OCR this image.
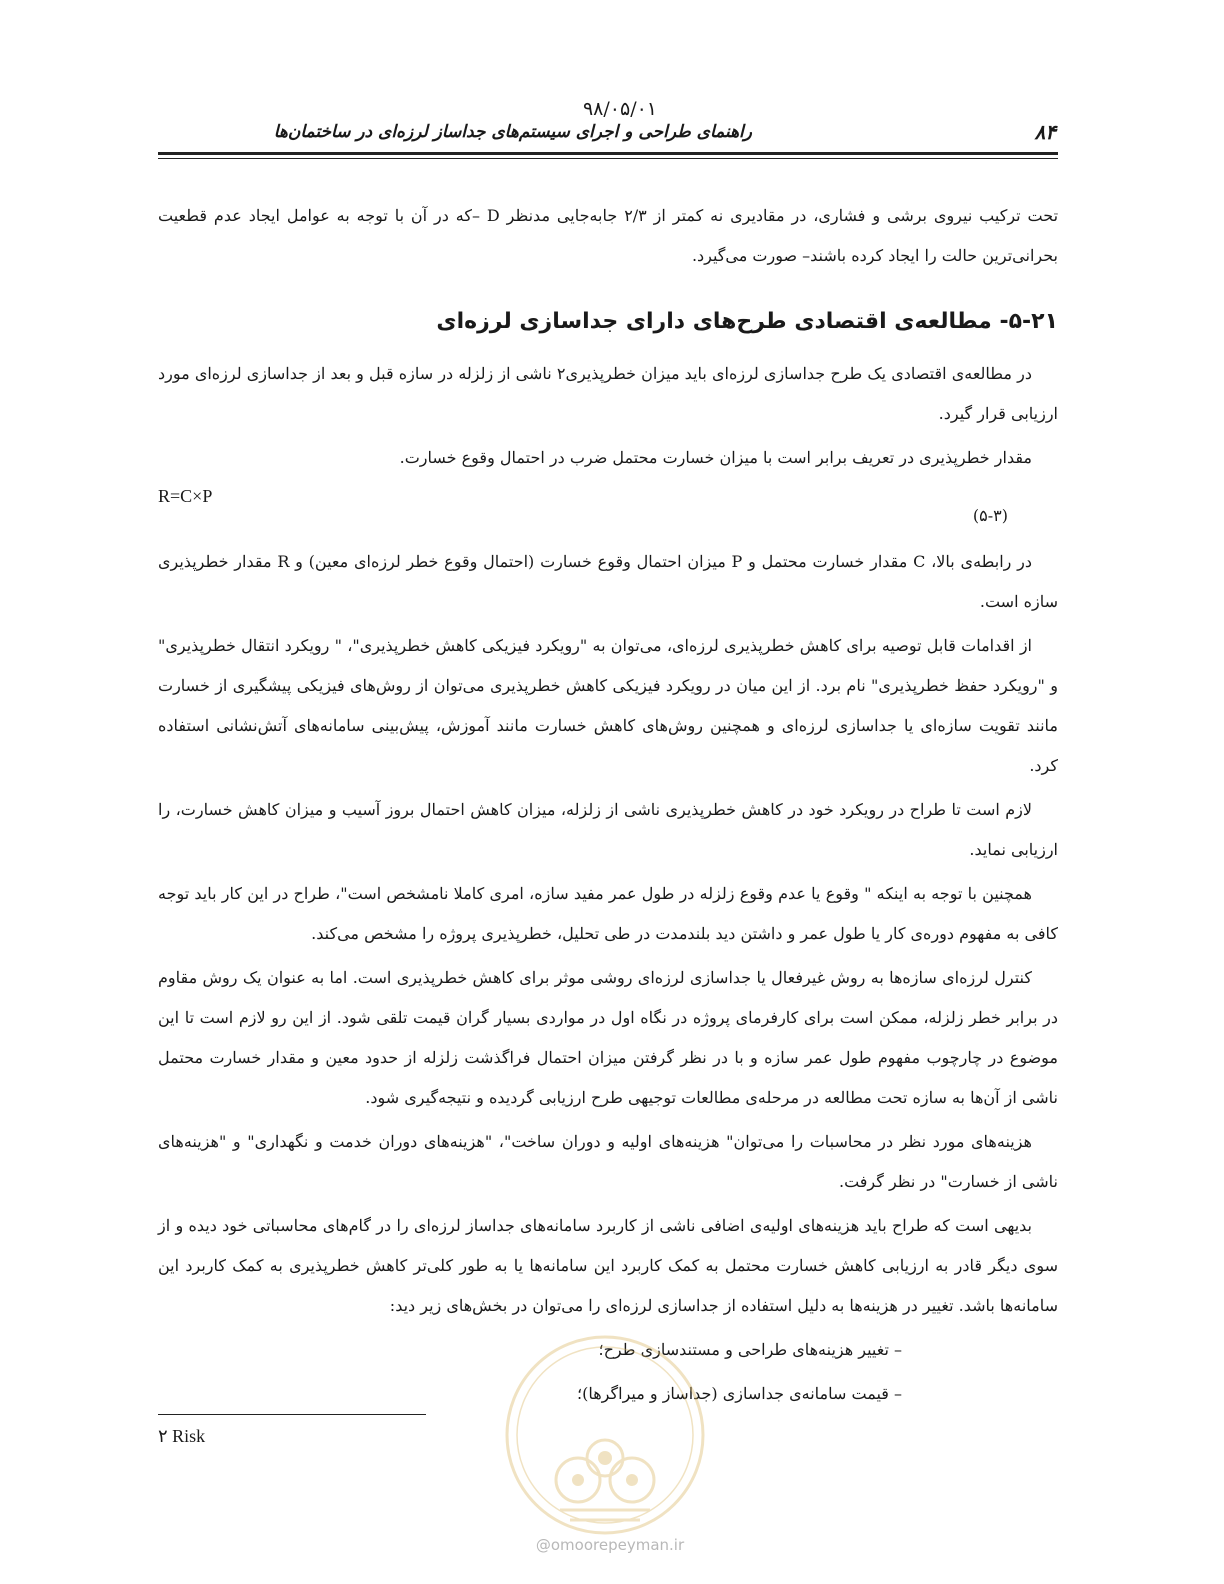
۹۸/۰۵/۰۱
راهنمای طراحی و اجرای سیستم‌های جداساز لرزه‌ای در ساختمان‌ها	۸۴

تحت ترکیب نیروی برشی و فشاری، در مقادیری نه کمتر از ۲/۳ جابه‌جایی مدنظر D –که در آن با توجه به عوامل ایجاد عدم قطعیت بحرانی‌ترین حالت را ایجاد کرده باشند– صورت می‌گیرد.

۵-۲۱- مطالعه‌ی اقتصادی طرح‌های دارای جداسازی لرزه‌ای

در مطالعه‌ی اقتصادی یک طرح جداسازی لرزه‌ای باید میزان خطرپذیری۲ ناشی از زلزله در سازه قبل و بعد از جداسازی لرزه‌ای مورد ارزیابی قرار گیرد.

مقدار خطرپذیری در تعریف برابر است با میزان خسارت محتمل ضرب در احتمال وقوع خسارت.

R=C×P
(۵-۳)

در رابطه‌ی بالا، C مقدار خسارت محتمل و P میزان احتمال وقوع خسارت (احتمال وقوع خطر لرزه‌ای معین) و R مقدار خطرپذیری سازه است.

از اقدامات قابل توصیه برای کاهش خطرپذیری لرزه‌ای، می‌توان به "رویکرد فیزیکی کاهش خطرپذیری"، " رویکرد انتقال خطرپذیری" و "رویکرد حفظ خطرپذیری" نام برد. از این میان در رویکرد فیزیکی کاهش خطرپذیری می‌توان از روش‌های فیزیکی پیشگیری از خسارت مانند تقویت سازه‌ای یا جداسازی لرزه‌ای و همچنین روش‌های کاهش خسارت مانند آموزش، پیش‌بینی سامانه‌های آتش‌نشانی استفاده کرد.

لازم است تا طراح در رویکرد خود در کاهش خطرپذیری ناشی از زلزله، میزان کاهش احتمال بروز آسیب و میزان کاهش خسارت، را ارزیابی نماید.

همچنین با توجه به اینکه " وقوع یا عدم وقوع زلزله در طول عمر مفید سازه، امری کاملا نامشخص است"، طراح در این کار باید توجه کافی به مفهوم دوره‌ی کار یا طول عمر و داشتن دید بلندمدت در طی تحلیل، خطرپذیری پروژه را مشخص می‌کند.

کنترل لرزه‌ای سازه‌ها به روش غیرفعال یا جداسازی لرزه‌ای روشی موثر برای کاهش خطرپذیری است. اما به عنوان یک روش مقاوم در برابر خطر زلزله، ممکن است برای کارفرمای پروژه در نگاه اول در مواردی بسیار گران قیمت تلقی شود. از این رو لازم است تا این موضوع در چارچوب مفهوم طول عمر سازه و با در نظر گرفتن میزان احتمال فراگذشت زلزله از حدود معین و مقدار خسارت محتمل ناشی از آن‌ها به سازه تحت مطالعه در مرحله‌ی مطالعات توجیهی طرح ارزیابی گردیده و نتیجه‌گیری شود.

هزینه‌های مورد نظر در محاسبات را می‌توان" هزینه‌های اولیه و دوران ساخت"، "هزینه‌های دوران خدمت و نگهداری" و "هزینه‌های ناشی از خسارت" در نظر گرفت.

بدیهی است که طراح باید هزینه‌های اولیه‌ی اضافی ناشی از کاربرد سامانه‌های جداساز لرزه‌ای را در گام‌های محاسباتی خود دیده و از سوی دیگر قادر به ارزیابی کاهش خسارت محتمل به کمک کاربرد این سامانه‌ها یا به طور کلی‌تر کاهش خطرپذیری به کمک کاربرد این سامانه‌ها باشد. تغییر در هزینه‌ها به دلیل استفاده از جداسازی لرزه‌ای را می‌توان در بخش‌های زیر دید:

– تغییر هزینه‌های طراحی و مستندسازی طرح؛

– قیمت سامانه‌ی جداسازی (جداساز و میراگرها)؛

۲ Risk
@omoorepeyman.ir
